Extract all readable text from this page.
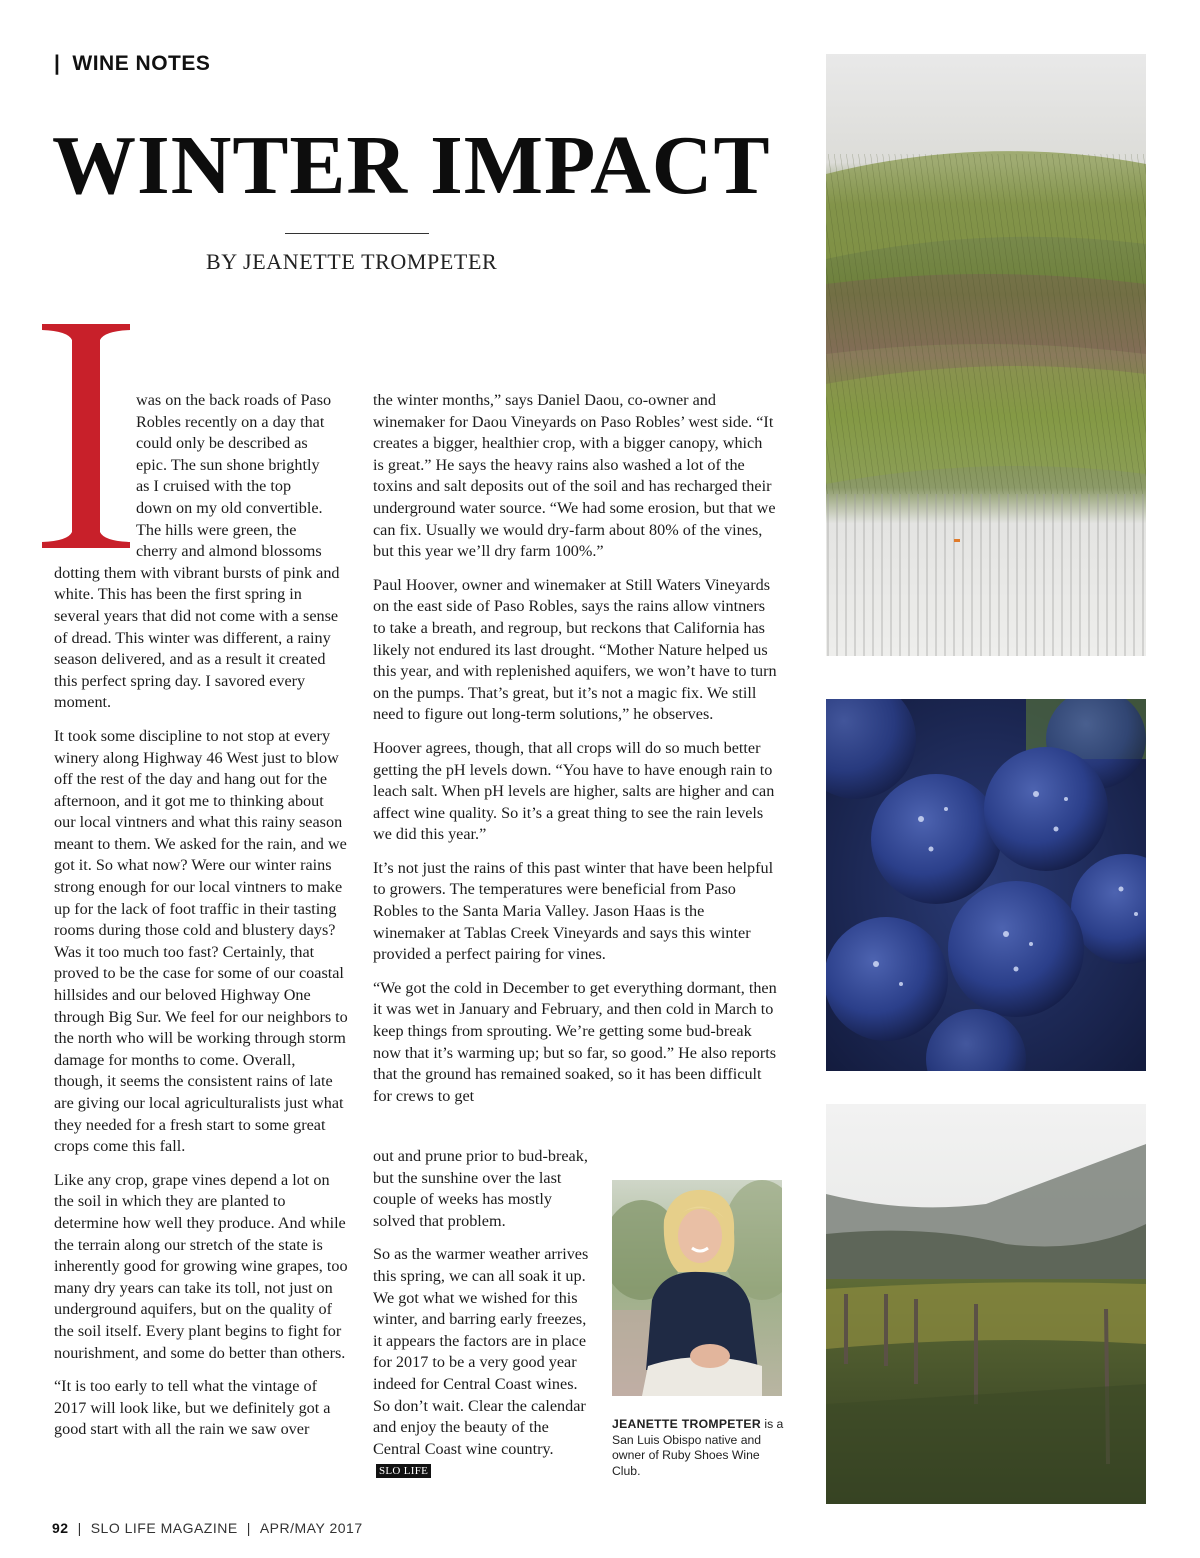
| WINE NOTES
WINTER IMPACT
BY JEANETTE TROMPETER

was on the back roads of Paso
Robles recently on a day that
could only be described as
epic. The sun shone brightly
as I cruised with the top
down on my old convertible.
The hills were green, the
cherry and almond blossoms
dotting them with vibrant bursts of pink and white. This has been the first spring in several years that did not come with a sense of dread. This winter was different, a rainy season delivered, and as a result it created this perfect spring day. I savored every moment.

It took some discipline to not stop at every winery along Highway 46 West just to blow off the rest of the day and hang out for the afternoon, and it got me to thinking about our local vintners and what this rainy season meant to them. We asked for the rain, and we got it. So what now? Were our winter rains strong enough for our local vintners to make up for the lack of foot traffic in their tasting rooms during those cold and blustery days? Was it too much too fast? Certainly, that proved to be the case for some of our coastal hillsides and our beloved Highway One through Big Sur. We feel for our neighbors to the north who will be working through storm damage for months to come. Overall, though, it seems the consistent rains of late are giving our local agriculturalists just what they needed for a fresh start to some great crops come this fall.

Like any crop, grape vines depend a lot on the soil in which they are planted to determine how well they produce. And while the terrain along our stretch of the state is inherently good for growing wine grapes, too many dry years can take its toll, not just on underground aquifers, but on the quality of the soil itself. Every plant begins to fight for nourishment, and some do better than others.

“It is too early to tell what the vintage of 2017 will look like, but we definitely got a good start with all the rain we saw over

the winter months,” says Daniel Daou, co-owner and winemaker for Daou Vineyards on Paso Robles’ west side. “It creates a bigger, healthier crop, with a bigger canopy, which is great.” He says the heavy rains also washed a lot of the toxins and salt deposits out of the soil and has recharged their underground water source. “We had some erosion, but that we can fix. Usually we would dry-farm about 80% of the vines, but this year we’ll dry farm 100%.”

Paul Hoover, owner and winemaker at Still Waters Vineyards on the east side of Paso Robles, says the rains allow vintners to take a breath, and regroup, but reckons that California has likely not endured its last drought. “Mother Nature helped us this year, and with replenished aquifers, we won’t have to turn on the pumps. That’s great, but it’s not a magic fix. We still need to figure out long-term solutions,” he observes.

Hoover agrees, though, that all crops will do so much better getting the pH levels down. “You have to have enough rain to leach salt. When pH levels are higher, salts are higher and can affect wine quality. So it’s a great thing to see the rain levels we did this year.”

It’s not just the rains of this past winter that have been helpful to growers. The temperatures were beneficial from Paso Robles to the Santa Maria Valley. Jason Haas is the winemaker at Tablas Creek Vineyards and says this winter provided a perfect pairing for vines.

“We got the cold in December to get everything dormant, then it was wet in January and February, and then cold in March to keep things from sprouting. We’re getting some bud-break now that it’s warming up; but so far, so good.” He also reports that the ground has remained soaked, so it has been difficult for crews to get

out and prune prior to bud-break, but the sunshine over the last couple of weeks has mostly solved that problem.

So as the warmer weather arrives this spring, we can all soak it up. We got what we wished for this winter, and barring early freezes, it appears the factors are in place for 2017 to be a very good year indeed for Central Coast wines. So don’t wait. Clear the calendar and enjoy the beauty of the Central Coast wine country.SLO LIFE

JEANETTE TROMPETER is a San Luis Obispo native and owner of Ruby Shoes Wine Club.
92 | SLO LIFE MAGAZINE | APR/MAY 2017
